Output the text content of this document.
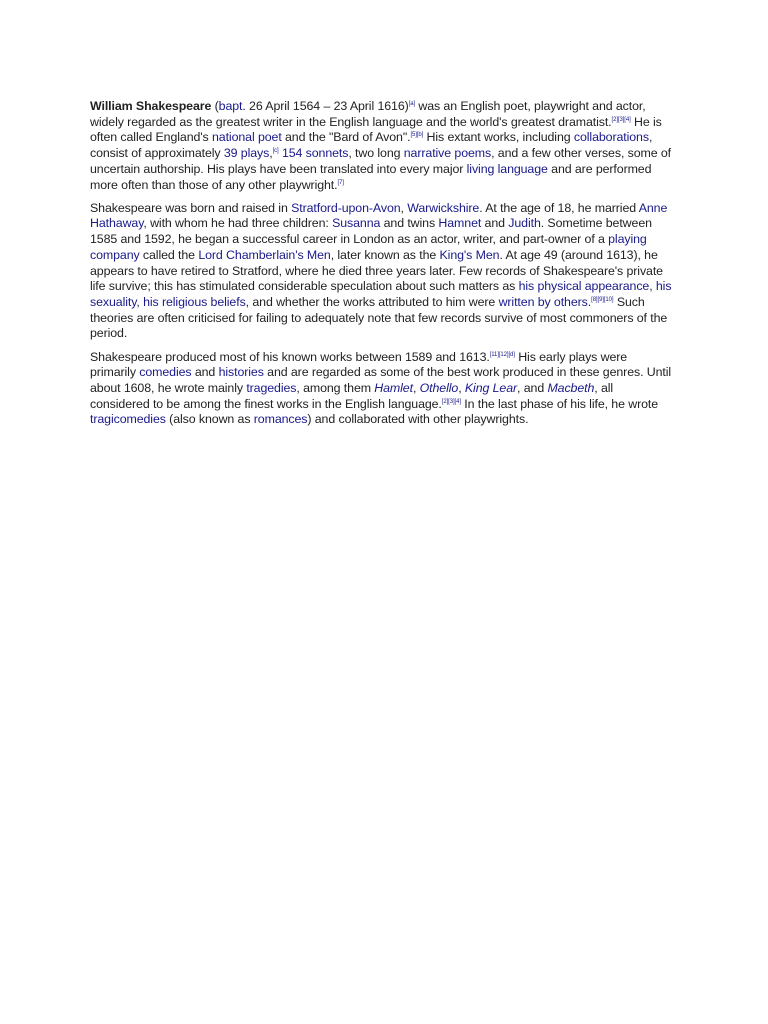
William Shakespeare (bapt. 26 April 1564 – 23 April 1616)[a] was an English poet, playwright and actor, widely regarded as the greatest writer in the English language and the world's greatest dramatist.[2][3][4] He is often called England's national poet and the "Bard of Avon".[5][b] His extant works, including collaborations, consist of approximately 39 plays,[c] 154 sonnets, two long narrative poems, and a few other verses, some of uncertain authorship. His plays have been translated into every major living language and are performed more often than those of any other playwright.[7]

Shakespeare was born and raised in Stratford-upon-Avon, Warwickshire. At the age of 18, he married Anne Hathaway, with whom he had three children: Susanna and twins Hamnet and Judith. Sometime between 1585 and 1592, he began a successful career in London as an actor, writer, and part-owner of a playing company called the Lord Chamberlain's Men, later known as the King's Men. At age 49 (around 1613), he appears to have retired to Stratford, where he died three years later. Few records of Shakespeare's private life survive; this has stimulated considerable speculation about such matters as his physical appearance, his sexuality, his religious beliefs, and whether the works attributed to him were written by others.[8][9][10] Such theories are often criticised for failing to adequately note that few records survive of most commoners of the period.

Shakespeare produced most of his known works between 1589 and 1613.[11][12][d] His early plays were primarily comedies and histories and are regarded as some of the best work produced in these genres. Until about 1608, he wrote mainly tragedies, among them Hamlet, Othello, King Lear, and Macbeth, all considered to be among the finest works in the English language.[2][3][4] In the last phase of his life, he wrote tragicomedies (also known as romances) and collaborated with other playwrights.
